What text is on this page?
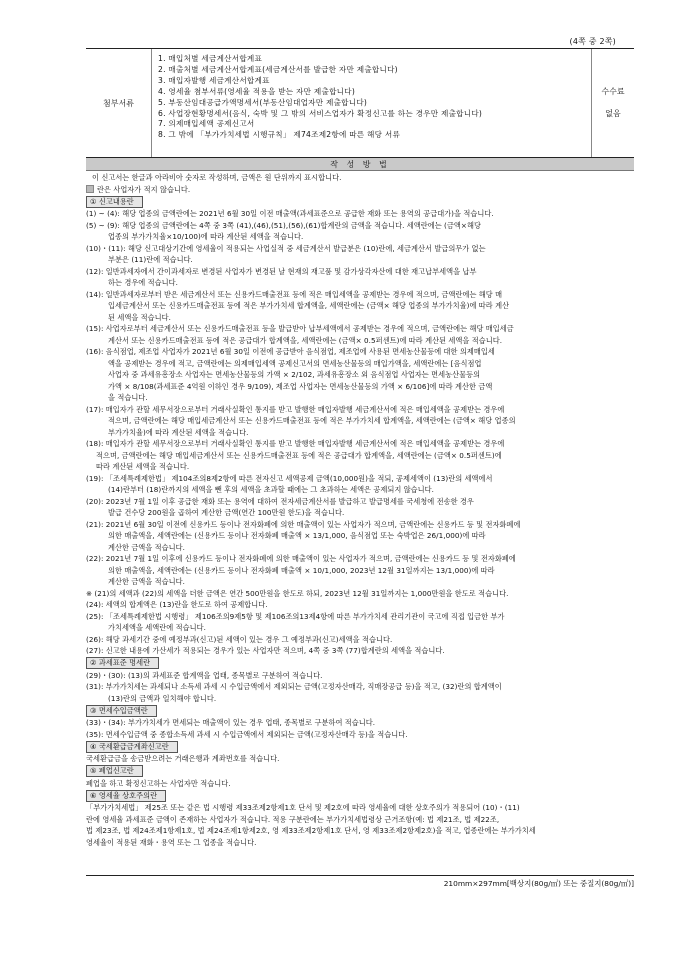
(4쪽 중 2쪽)
첨부서류
1. 매입처별 세금계산서합계표
2. 매출처별 세금계산서합계표(세금계산서를 발급한 자만 제출합니다)
3. 매입자발행 세금계산서합계표
4. 영세율 첨부서류(영세율 적용을 받는 자만 제출합니다)
5. 부동산임대공급가액명세서(부동산임대업자만 제출합니다)
6. 사업장현황명세서(음식, 숙박 및 그 밖의 서비스업자가 확정신고를 하는 경우만 제출합니다)
7. 의제매입세액 공제신고서
8. 그 밖에 「부가가치세법 시행규칙」 제74조제2항에 따른 해당 서류
수수료
없음
작 성 방 법
이 신고서는 한글과 아라비아 숫자로 작성하며, 금액은 원 단위까지 표시합니다.
란은 사업자가 적지 않습니다.
① 신고내용란
(1) ~ (4): 해당 업종의 금액란에는 2021년 6월 30일 이전 매출액(과세표준으로 공급한 재화 또는 용역의 공급대가)을 적습니다.
(5) ~ (9): 해당 업종의 금액란에는 4쪽 중 3쪽 (41),(46),(51),(56),(61)합계란의 금액을 적습니다. 세액란에는 (금액×해당
업종의 부가가치율×10/100)에 따라 계산된 세액을 적습니다.
(10)・(11): 해당 신고대상기간에 영세율이 적용되는 사업실적 중 세금계산서 발급분은 (10)란에, 세금계산서 발급의무가 없는
부분은 (11)란에 적습니다.
(12): 일반과세자에서 간이과세자로 변경된 사업자가 변경된 날 현재의 재고품 및 감가상각자산에 대한 재고납부세액을 납부
하는 경우에 적습니다.
(14): 일반과세자로부터 받은 세금계산서 또는 신용카드매출전표 등에 적은 매입세액을 공제받는 경우에 적으며, 금액란에는 해당 매
입세금계산서 또는 신용카드매출전표 등에 적은 부가가치세 합계액을, 세액란에는 (금액× 해당 업종의 부가가치율)에 따라 계산
된 세액을 적습니다.
(15): 사업자로부터 세금계산서 또는 신용카드매출전표 등을 발급받아 납부세액에서 공제받는 경우에 적으며, 금액란에는 해당 매입세금
계산서 또는 신용카드매출전표 등에 적은 공급대가 합계액을, 세액란에는 (금액× 0.5퍼센트)에 따라 계산된 세액을 적습니다.
(16): 음식점업, 제조업 사업자가 2021년 6월 30일 이전에 공급받아 음식점업, 제조업에 사용된 면세농산물등에 대한 의제매입세
액을 공제받는 경우에 적고, 금액란에는 의제매입세액 공제신고서의 면세농산물등의 매입가액을, 세액란에는 [음식점업
사업자 중 과세유흥장소 사업자는 면세농산물등의 가액 × 2/102, 과세유흥장소 외 음식점업 사업자는 면세농산물등의
가액 × 8/108(과세표준 4억원 이하인 경우 9/109), 제조업 사업자는 면세농산물등의 가액 × 6/106]에 따라 계산한 금액
을 적습니다.
(17): 매입자가 관할 세무서장으로부터 거래사실확인 통지를 받고 발행한 매입자발행 세금계산서에 적은 매입세액을 공제받는 경우에
적으며, 금액란에는 해당 매입세금계산서 또는 신용카드매출전표 등에 적은 부가가치세 합계액을, 세액란에는 (금액× 해당 업종의
부가가치율)에 따라 계산된 세액을 적습니다.
(18): 매입자가 관할 세무서장으로부터 거래사실확인 통지를 받고 발행한 매입자발행 세금계산서에 적은 매입세액을 공제받는 경우에
적으며, 금액란에는 해당 매입세금계산서 또는 신용카드매출전표 등에 적은 공급대가 합계액을, 세액란에는 (금액× 0.5퍼센트)에
따라 계산된 세액을 적습니다.
(19): 「조세특례제한법」 제104조의8제2항에 따른 전자신고 세액공제 금액(10,000원)을 적되, 공제세액이 (13)란의 세액에서
(14)란부터 (18)란까지의 세액을 뺀 후의 세액을 초과할 때에는 그 초과하는 세액은 공제되지 않습니다.
(20): 2023년 7월 1일 이후 공급한 재화 또는 용역에 대하여 전자세금계산서를 발급하고 발급명세를 국세청에 전송한 경우
발급 건수당 200원을 곱하여 계산한 금액(연간 100만원 한도)을 적습니다.
(21): 2021년 6월 30일 이전에 신용카드 등이나 전자화폐에 의한 매출액이 있는 사업자가 적으며, 금액란에는 신용카드 등 및 전자화폐에
의한 매출액을, 세액란에는 (신용카드 등이나 전자화폐 매출액 × 13/1,000, 음식점업 또는 숙박업은 26/1,000)에 따라
계산한 금액을 적습니다.
(22): 2021년 7월 1일 이후에 신용카드 등이나 전자화폐에 의한 매출액이 있는 사업자가 적으며, 금액란에는 신용카드 등 및 전자화폐에
의한 매출액을, 세액란에는 (신용카드 등이나 전자화폐 매출액 × 10/1,000, 2023년 12월 31일까지는 13/1,000)에 따라
계산한 금액을 적습니다.
※ (21)의 세액과 (22)의 세액을 더한 금액은 연간 500만원을 한도로 하되, 2023년 12월 31일까지는 1,000만원을 한도로 적습니다.
(24): 세액의 합계액은 (13)란을 한도로 하여 공제합니다.
(25): 「조세특례제한법 시행령」 제106조의9제5항 및 제106조의13제4항에 따른 부가가치세 관리기관이 국고에 직접 입금한 부가
가치세액을 세액란에 적습니다.
(26): 해당 과세기간 중에 예정부과(신고)된 세액이 있는 경우 그 예정부과(신고)세액을 적습니다.
(27): 신고한 내용에 가산세가 적용되는 경우가 있는 사업자만 적으며, 4쪽 중 3쪽 (77)합계란의 세액을 적습니다.
② 과세표준 명세란
(29)・(30): (13)의 과세표준 합계액을 업태, 종목별로 구분하여 적습니다.
(31): 부가가치세는 과세되나 소득세 과세 시 수입금액에서 제외되는 금액(고정자산매각, 직매장공급 등)을 적고, (32)란의 합계액이
(13)란의 금액과 일치해야 합니다.
③ 면세수입금액란
(33)・(34): 부가가치세가 면세되는 매출액이 있는 경우 업태, 종목별로 구분하여 적습니다.
(35): 면세수입금액 중 종합소득세 과세 시 수입금액에서 제외되는 금액(고정자산매각 등)을 적습니다.
④ 국세환급금계좌신고란
국세환급금을 송금받으려는 거래은행과 계좌번호를 적습니다.
⑤ 폐업신고란
폐업을 하고 확정신고하는 사업자만 적습니다.
⑥ 영세율 상호주의란
「부가가치세법」 제25조 또는 같은 법 시행령 제33조제2항제1호 단서 및 제2호에 따라 영세율에 대한 상호주의가 적용되어 (10)・(11)
란에 영세율 과세표준 금액이 존재하는 사업자가 적습니다. 적용 구분란에는 부가가치세법령상 근거조항(예: 법 제21조, 법 제22조,
법 제23조, 법 제24조제1항제1호, 법 제24조제1항제2호, 영 제33조제2항제1호 단서, 영 제33조제2항제2호)을 적고, 업종란에는 부가가치세
영세율이 적용된 재화・용역 또는 그 업종을 적습니다.
210mm×297mm[백상지(80g/㎡) 또는 중질지(80g/㎡)]
